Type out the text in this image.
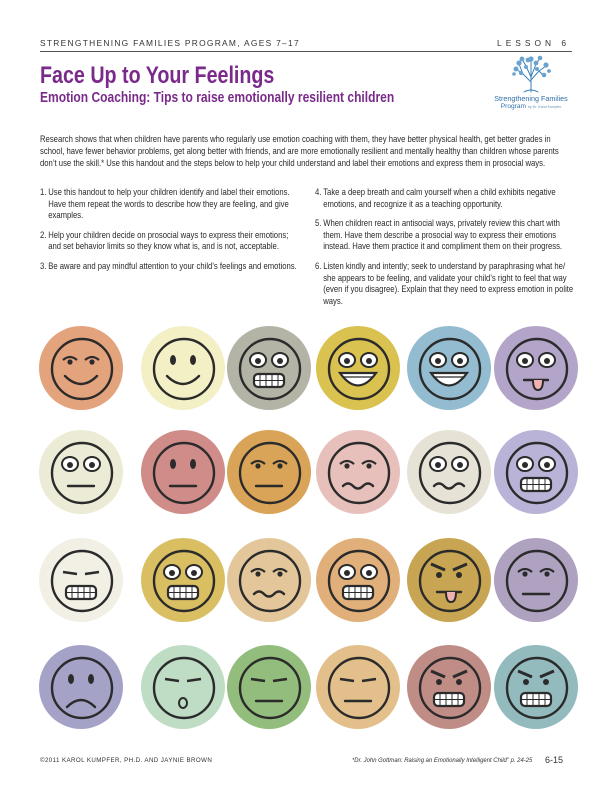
STRENGTHENING FAMILIES PROGRAM, AGES 7–17	LESSON 6
Face Up to Your Feelings
Emotion Coaching: Tips to raise emotionally resilient children	Strengthening Families
Program by Dr. Karol Kumpfer
Research shows that when children have parents who regularly use emotion coaching with them, they have better physical health, get better grades in school, have fewer behavior problems, get along better with friends, and are more emotionally resilient and mentally healthy than children whose parents don’t use the skill.* Use this handout and the steps below to help your child understand and label their emotions and express them in prosocial ways.
1. Use this handout to help your children identify and label their emotions. Have them repeat the words to describe how they are feeling, and give examples.
2. Help your children decide on prosocial ways to express their emotions; and set behavior limits so they know what is, and is not, acceptable.
3. Be aware and pay mindful attention to your child’s feelings and emotions.
4. Take a deep breath and calm yourself when a child exhibits negative emotions, and recognize it as a teaching opportunity.
5. When children react in antisocial ways, privately review this chart with them. Have them describe a prosocial way to express their emotions instead. Have them practice it and compliment them on their progress.
6. Listen kindly and intently; seek to understand by paraphrasing what he/ she appears to be feeling, and validate your child’s right to feel that way (even if you disagree). Explain that they need to express emotion in polite ways.
©2011 KAROL KUMPFER, PH.D. AND JAYNIE BROWN	*Dr. John Gottman: Raising an Emotionally Intelligent Child" p. 24-25 6-15
